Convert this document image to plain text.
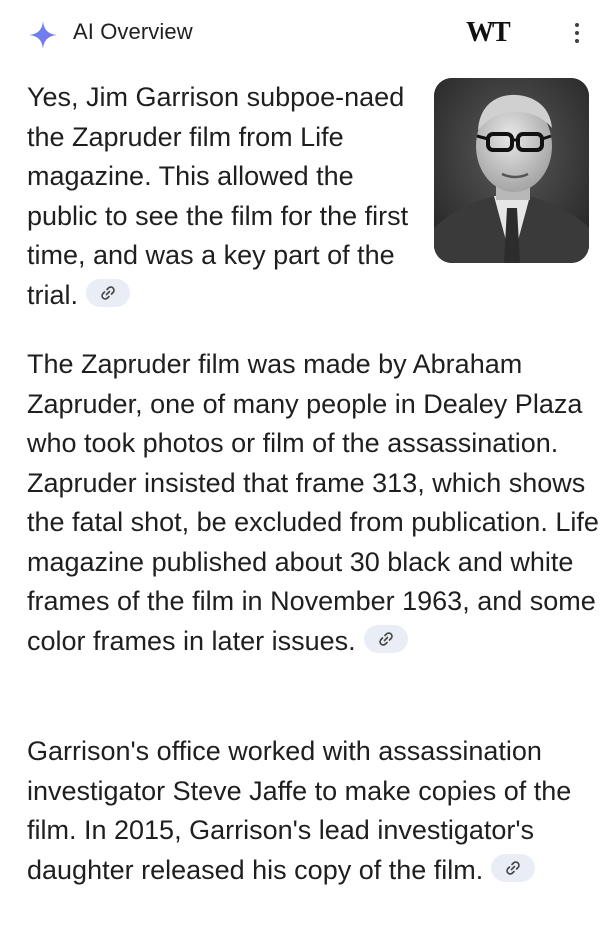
AI Overview	WT

Yes, Jim Garrison subpoe-naed the Zapruder film from Life magazine. This allowed the public to see the film for the first time, and was a key part of the trial.

The Zapruder film was made by Abraham Zapruder, one of many people in Dealey Plaza who took photos or film of the assassination. Zapruder insisted that frame 313, which shows the fatal shot, be excluded from publication. Life magazine published about 30 black and white frames of the film in November 1963, and some color frames in later issues.

Garrison's office worked with assassination investigator Steve Jaffe to make copies of the film. In 2015, Garrison's lead investigator's daughter released his copy of the film.
